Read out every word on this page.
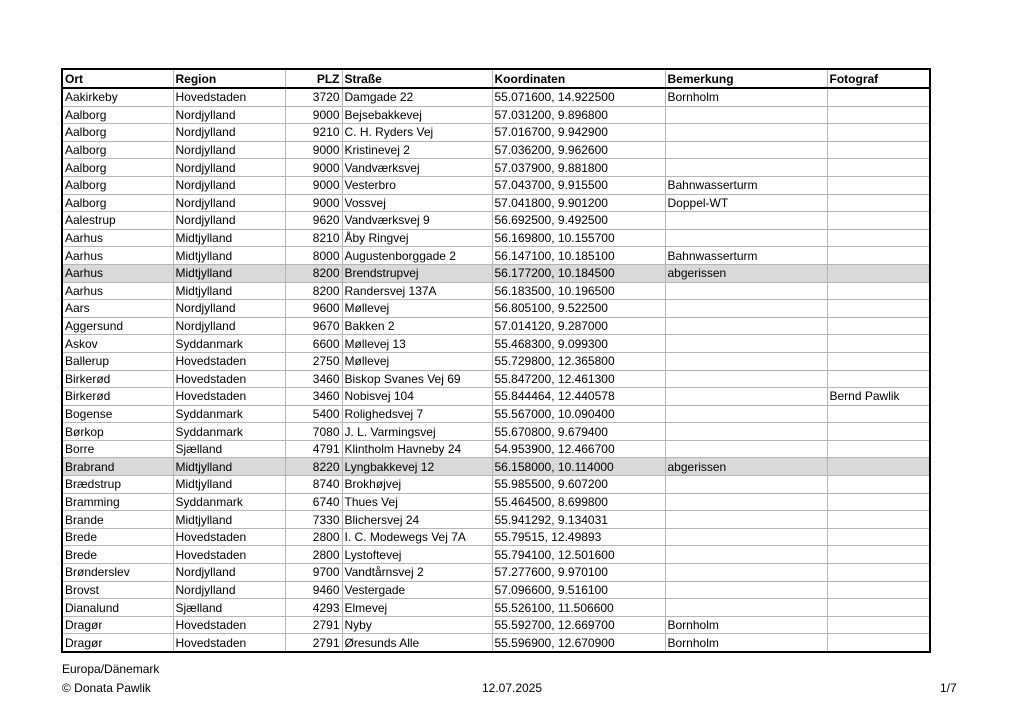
Ort	Region	PLZ	Straße	Koordinaten	Bemerkung	Fotograf
Aakirkeby	Hovedstaden	3720	Damgade 22	55.071600, 14.922500	Bornholm	
Aalborg	Nordjylland	9000	Bejsebakkevej	57.031200, 9.896800		
Aalborg	Nordjylland	9210	C. H. Ryders Vej	57.016700, 9.942900		
Aalborg	Nordjylland	9000	Kristinevej 2	57.036200, 9.962600		
Aalborg	Nordjylland	9000	Vandværksvej	57.037900, 9.881800		
Aalborg	Nordjylland	9000	Vesterbro	57.043700, 9.915500	Bahnwasserturm	
Aalborg	Nordjylland	9000	Vossvej	57.041800, 9.901200	Doppel-WT	
Aalestrup	Nordjylland	9620	Vandværksvej 9	56.692500, 9.492500		
Aarhus	Midtjylland	8210	Åby Ringvej	56.169800, 10.155700		
Aarhus	Midtjylland	8000	Augustenborggade 2	56.147100, 10.185100	Bahnwasserturm	
Aarhus	Midtjylland	8200	Brendstrupvej	56.177200, 10.184500	abgerissen	
Aarhus	Midtjylland	8200	Randersvej 137A	56.183500, 10.196500		
Aars	Nordjylland	9600	Møllevej	56.805100, 9.522500		
Aggersund	Nordjylland	9670	Bakken 2	57.014120, 9.287000		
Askov	Syddanmark	6600	Møllevej 13	55.468300, 9.099300		
Ballerup	Hovedstaden	2750	Møllevej	55.729800, 12.365800		
Birkerød	Hovedstaden	3460	Biskop Svanes Vej 69	55.847200, 12.461300		
Birkerød	Hovedstaden	3460	Nobisvej 104	55.844464, 12.440578		Bernd Pawlik
Bogense	Syddanmark	5400	Rolighedsvej 7	55.567000, 10.090400		
Børkop	Syddanmark	7080	J. L. Varmingsvej	55.670800, 9.679400		
Borre	Sjælland	4791	Klintholm Havneby 24	54.953900, 12.466700		
Brabrand	Midtjylland	8220	Lyngbakkevej 12	56.158000, 10.114000	abgerissen	
Brædstrup	Midtjylland	8740	Brokhøjvej	55.985500, 9.607200		
Bramming	Syddanmark	6740	Thues Vej	55.464500, 8.699800		
Brande	Midtjylland	7330	Blichersvej 24	55.941292, 9.134031		
Brede	Hovedstaden	2800	I. C. Modewegs Vej 7A	55.79515, 12.49893		
Brede	Hovedstaden	2800	Lystoftevej	55.794100, 12.501600		
Brønderslev	Nordjylland	9700	Vandtårnsvej 2	57.277600, 9.970100		
Brovst	Nordjylland	9460	Vestergade	57.096600, 9.516100		
Dianalund	Sjælland	4293	Elmevej	55.526100, 11.506600		
Dragør	Hovedstaden	2791	Nyby	55.592700, 12.669700	Bornholm	
Dragør	Hovedstaden	2791	Øresunds Alle	55.596900, 12.670900	Bornholm	
Europa/Dänemark
© Donata Pawlik	12.07.2025	1/7
